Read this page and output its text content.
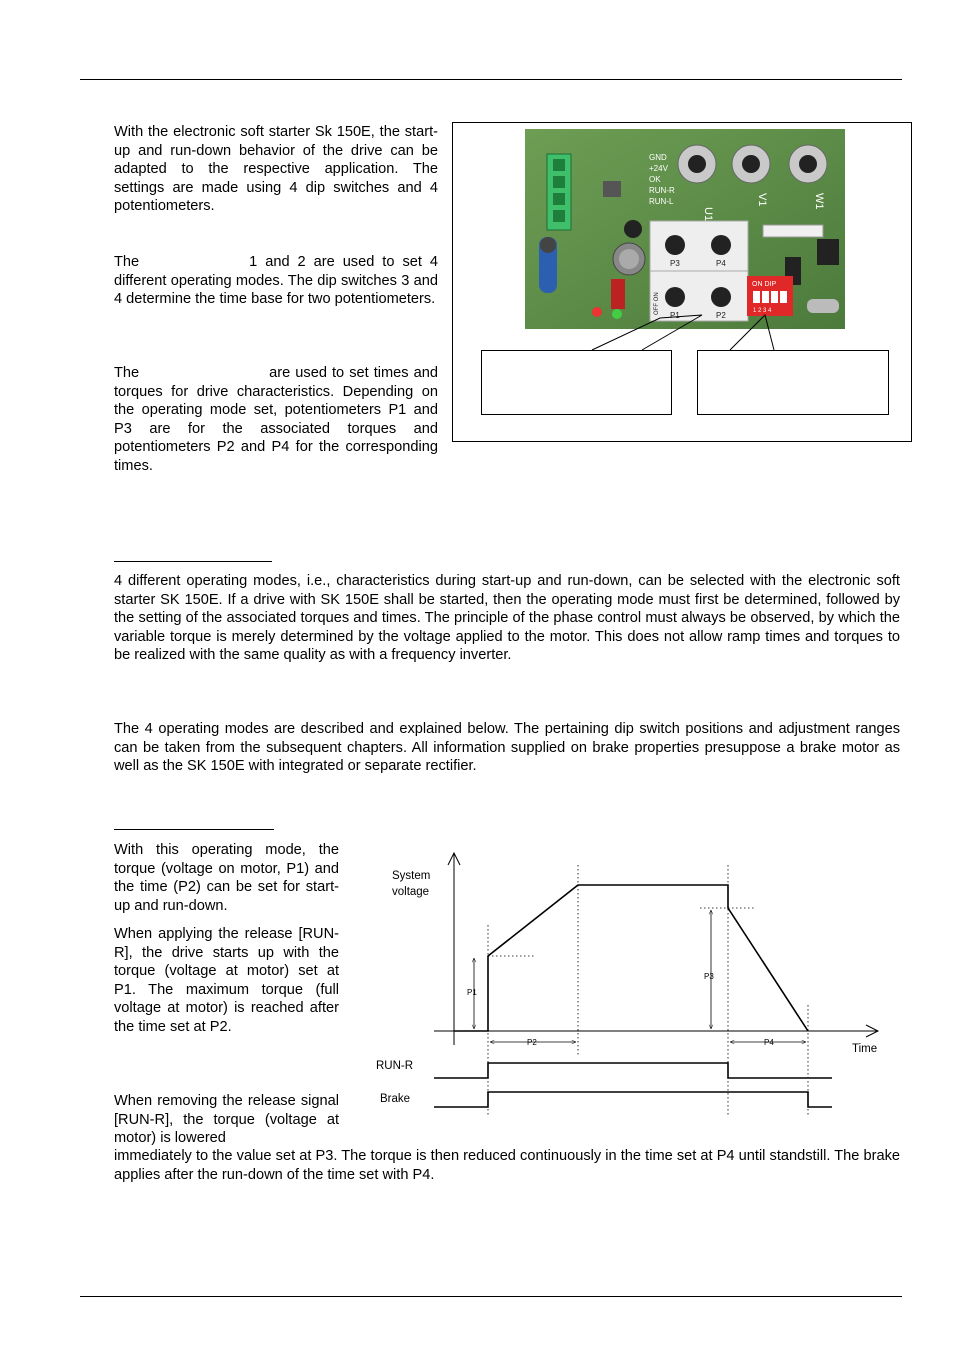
With the electronic soft starter Sk 150E, the start-up and run-down behavior of the drive can be adapted to the respective application. The settings are made using 4 dip switches and 4 potentiometers.

The	1 and 2 are used to set 4 different operating modes. The dip switches 3 and 4 determine the time base for two potentiometers.

The	are used to set times and torques for drive characteristics. Depending on the operating mode set, potentiometers P1 and P3 are for the associated torques and potentiometers P2 and P4 for the corresponding times.

GND
+24V
OK
RUN-R
RUN-L
U1
V1	W1
P3	P4
P1	P2
OFF ON
ON DIP
1 2 3 4

4 different operating modes, i.e., characteristics during start-up and run-down, can be selected with the electronic soft starter SK 150E. If a drive with SK 150E shall be started, then the operating mode must first be determined, followed by the setting of the associated torques and times. The principle of the phase control must always be observed, by which the variable torque is merely determined by the voltage applied to the motor. This does not allow ramp times and torques to be realized with the same quality as with a frequency inverter.

The 4 operating modes are described and explained below. The pertaining dip switch positions and adjustment ranges can be taken from the subsequent chapters. All information supplied on brake properties presuppose a brake motor as well as the SK 150E with integrated or separate rectifier.

With this operating mode, the torque (voltage on motor, P1) and the time (P2) can be set for start-up and run-down.

When applying the release [RUN-R], the drive starts up with the torque (voltage at motor) set at P1. The maximum torque (full voltage at motor) is reached after the time set at P2.

When removing the release signal [RUN-R], the torque (voltage at motor) is lowered

immediately to the value set at P3. The torque is then reduced continuously in the time set at P4 until standstill. The brake applies after the run-down of the time set with P4.

System
voltage
Time
P1
P3
P2	P4
RUN-R
Brake
